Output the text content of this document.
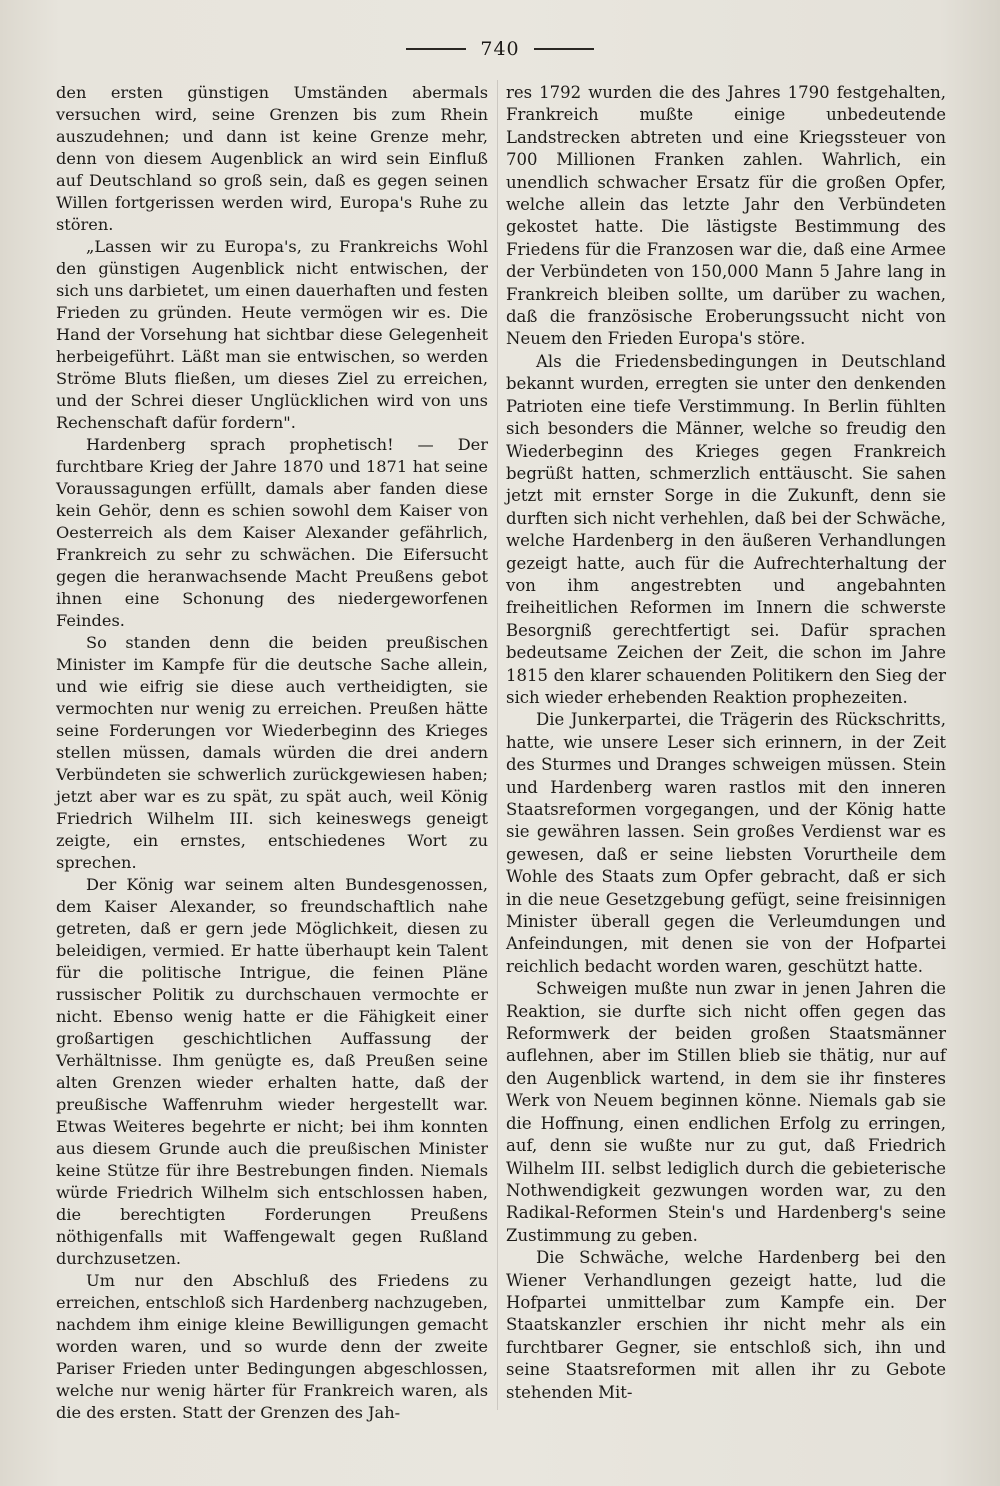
740

den ersten günstigen Umständen abermals versuchen wird, seine Grenzen bis zum Rhein auszudehnen; und dann ist keine Grenze mehr, denn von diesem Augenblick an wird sein Einfluß auf Deutschland so groß sein, daß es gegen seinen Willen fortgerissen werden wird, Europa's Ruhe zu stören.

„Lassen wir zu Europa's, zu Frankreichs Wohl den günstigen Augenblick nicht entwischen, der sich uns darbietet, um einen dauerhaften und festen Frieden zu gründen. Heute vermögen wir es. Die Hand der Vorsehung hat sichtbar diese Gelegenheit herbeigeführt. Läßt man sie entwischen, so werden Ströme Bluts fließen, um dieses Ziel zu erreichen, und der Schrei dieser Unglücklichen wird von uns Rechenschaft dafür fordern".

Hardenberg sprach prophetisch! — Der furchtbare Krieg der Jahre 1870 und 1871 hat seine Voraussagungen erfüllt, damals aber fanden diese kein Gehör, denn es schien sowohl dem Kaiser von Oesterreich als dem Kaiser Alexander gefährlich, Frankreich zu sehr zu schwächen. Die Eifersucht gegen die heranwachsende Macht Preußens gebot ihnen eine Schonung des niedergeworfenen Feindes.

So standen denn die beiden preußischen Minister im Kampfe für die deutsche Sache allein, und wie eifrig sie diese auch vertheidigten, sie vermochten nur wenig zu erreichen. Preußen hätte seine Forderungen vor Wiederbeginn des Krieges stellen müssen, damals würden die drei andern Verbündeten sie schwerlich zurückgewiesen haben; jetzt aber war es zu spät, zu spät auch, weil König Friedrich Wilhelm III. sich keineswegs geneigt zeigte, ein ernstes, entschiedenes Wort zu sprechen.

Der König war seinem alten Bundesgenossen, dem Kaiser Alexander, so freundschaftlich nahe getreten, daß er gern jede Möglichkeit, diesen zu beleidigen, vermied. Er hatte überhaupt kein Talent für die politische Intrigue, die feinen Pläne russischer Politik zu durchschauen vermochte er nicht. Ebenso wenig hatte er die Fähigkeit einer großartigen geschichtlichen Auffassung der Verhältnisse. Ihm genügte es, daß Preußen seine alten Grenzen wieder erhalten hatte, daß der preußische Waffenruhm wieder hergestellt war. Etwas Weiteres begehrte er nicht; bei ihm konnten aus diesem Grunde auch die preußischen Minister keine Stütze für ihre Bestrebungen finden. Niemals würde Friedrich Wilhelm sich entschlossen haben, die berechtigten Forderungen Preußens nöthigenfalls mit Waffengewalt gegen Rußland durchzusetzen.

Um nur den Abschluß des Friedens zu erreichen, entschloß sich Hardenberg nachzugeben, nachdem ihm einige kleine Bewilligungen gemacht worden waren, und so wurde denn der zweite Pariser Frieden unter Bedingungen abgeschlossen, welche nur wenig härter für Frankreich waren, als die des ersten. Statt der Grenzen des Jah-

res 1792 wurden die des Jahres 1790 festgehalten, Frankreich mußte einige unbedeutende Landstrecken abtreten und eine Kriegssteuer von 700 Millionen Franken zahlen. Wahrlich, ein unendlich schwacher Ersatz für die großen Opfer, welche allein das letzte Jahr den Verbündeten gekostet hatte. Die lästigste Bestimmung des Friedens für die Franzosen war die, daß eine Armee der Verbündeten von 150,000 Mann 5 Jahre lang in Frankreich bleiben sollte, um darüber zu wachen, daß die französische Eroberungssucht nicht von Neuem den Frieden Europa's störe.

Als die Friedensbedingungen in Deutschland bekannt wurden, erregten sie unter den denkenden Patrioten eine tiefe Verstimmung. In Berlin fühlten sich besonders die Männer, welche so freudig den Wiederbeginn des Krieges gegen Frankreich begrüßt hatten, schmerzlich enttäuscht. Sie sahen jetzt mit ernster Sorge in die Zukunft, denn sie durften sich nicht verhehlen, daß bei der Schwäche, welche Hardenberg in den äußeren Verhandlungen gezeigt hatte, auch für die Aufrechterhaltung der von ihm angestrebten und angebahnten freiheitlichen Reformen im Innern die schwerste Besorgniß gerechtfertigt sei. Dafür sprachen bedeutsame Zeichen der Zeit, die schon im Jahre 1815 den klarer schauenden Politikern den Sieg der sich wieder erhebenden Reaktion prophezeiten.

Die Junkerpartei, die Trägerin des Rückschritts, hatte, wie unsere Leser sich erinnern, in der Zeit des Sturmes und Dranges schweigen müssen. Stein und Hardenberg waren rastlos mit den inneren Staatsreformen vorgegangen, und der König hatte sie gewähren lassen. Sein großes Verdienst war es gewesen, daß er seine liebsten Vorurtheile dem Wohle des Staats zum Opfer gebracht, daß er sich in die neue Gesetzgebung gefügt, seine freisinnigen Minister überall gegen die Verleumdungen und Anfeindungen, mit denen sie von der Hofpartei reichlich bedacht worden waren, geschützt hatte.

Schweigen mußte nun zwar in jenen Jahren die Reaktion, sie durfte sich nicht offen gegen das Reformwerk der beiden großen Staatsmänner auflehnen, aber im Stillen blieb sie thätig, nur auf den Augenblick wartend, in dem sie ihr finsteres Werk von Neuem beginnen könne. Niemals gab sie die Hoffnung, einen endlichen Erfolg zu erringen, auf, denn sie wußte nur zu gut, daß Friedrich Wilhelm III. selbst lediglich durch die gebieterische Nothwendigkeit gezwungen worden war, zu den Radikal-Reformen Stein's und Hardenberg's seine Zustimmung zu geben.

Die Schwäche, welche Hardenberg bei den Wiener Verhandlungen gezeigt hatte, lud die Hofpartei unmittelbar zum Kampfe ein. Der Staatskanzler erschien ihr nicht mehr als ein furchtbarer Gegner, sie entschloß sich, ihn und seine Staatsreformen mit allen ihr zu Gebote stehenden Mit-
